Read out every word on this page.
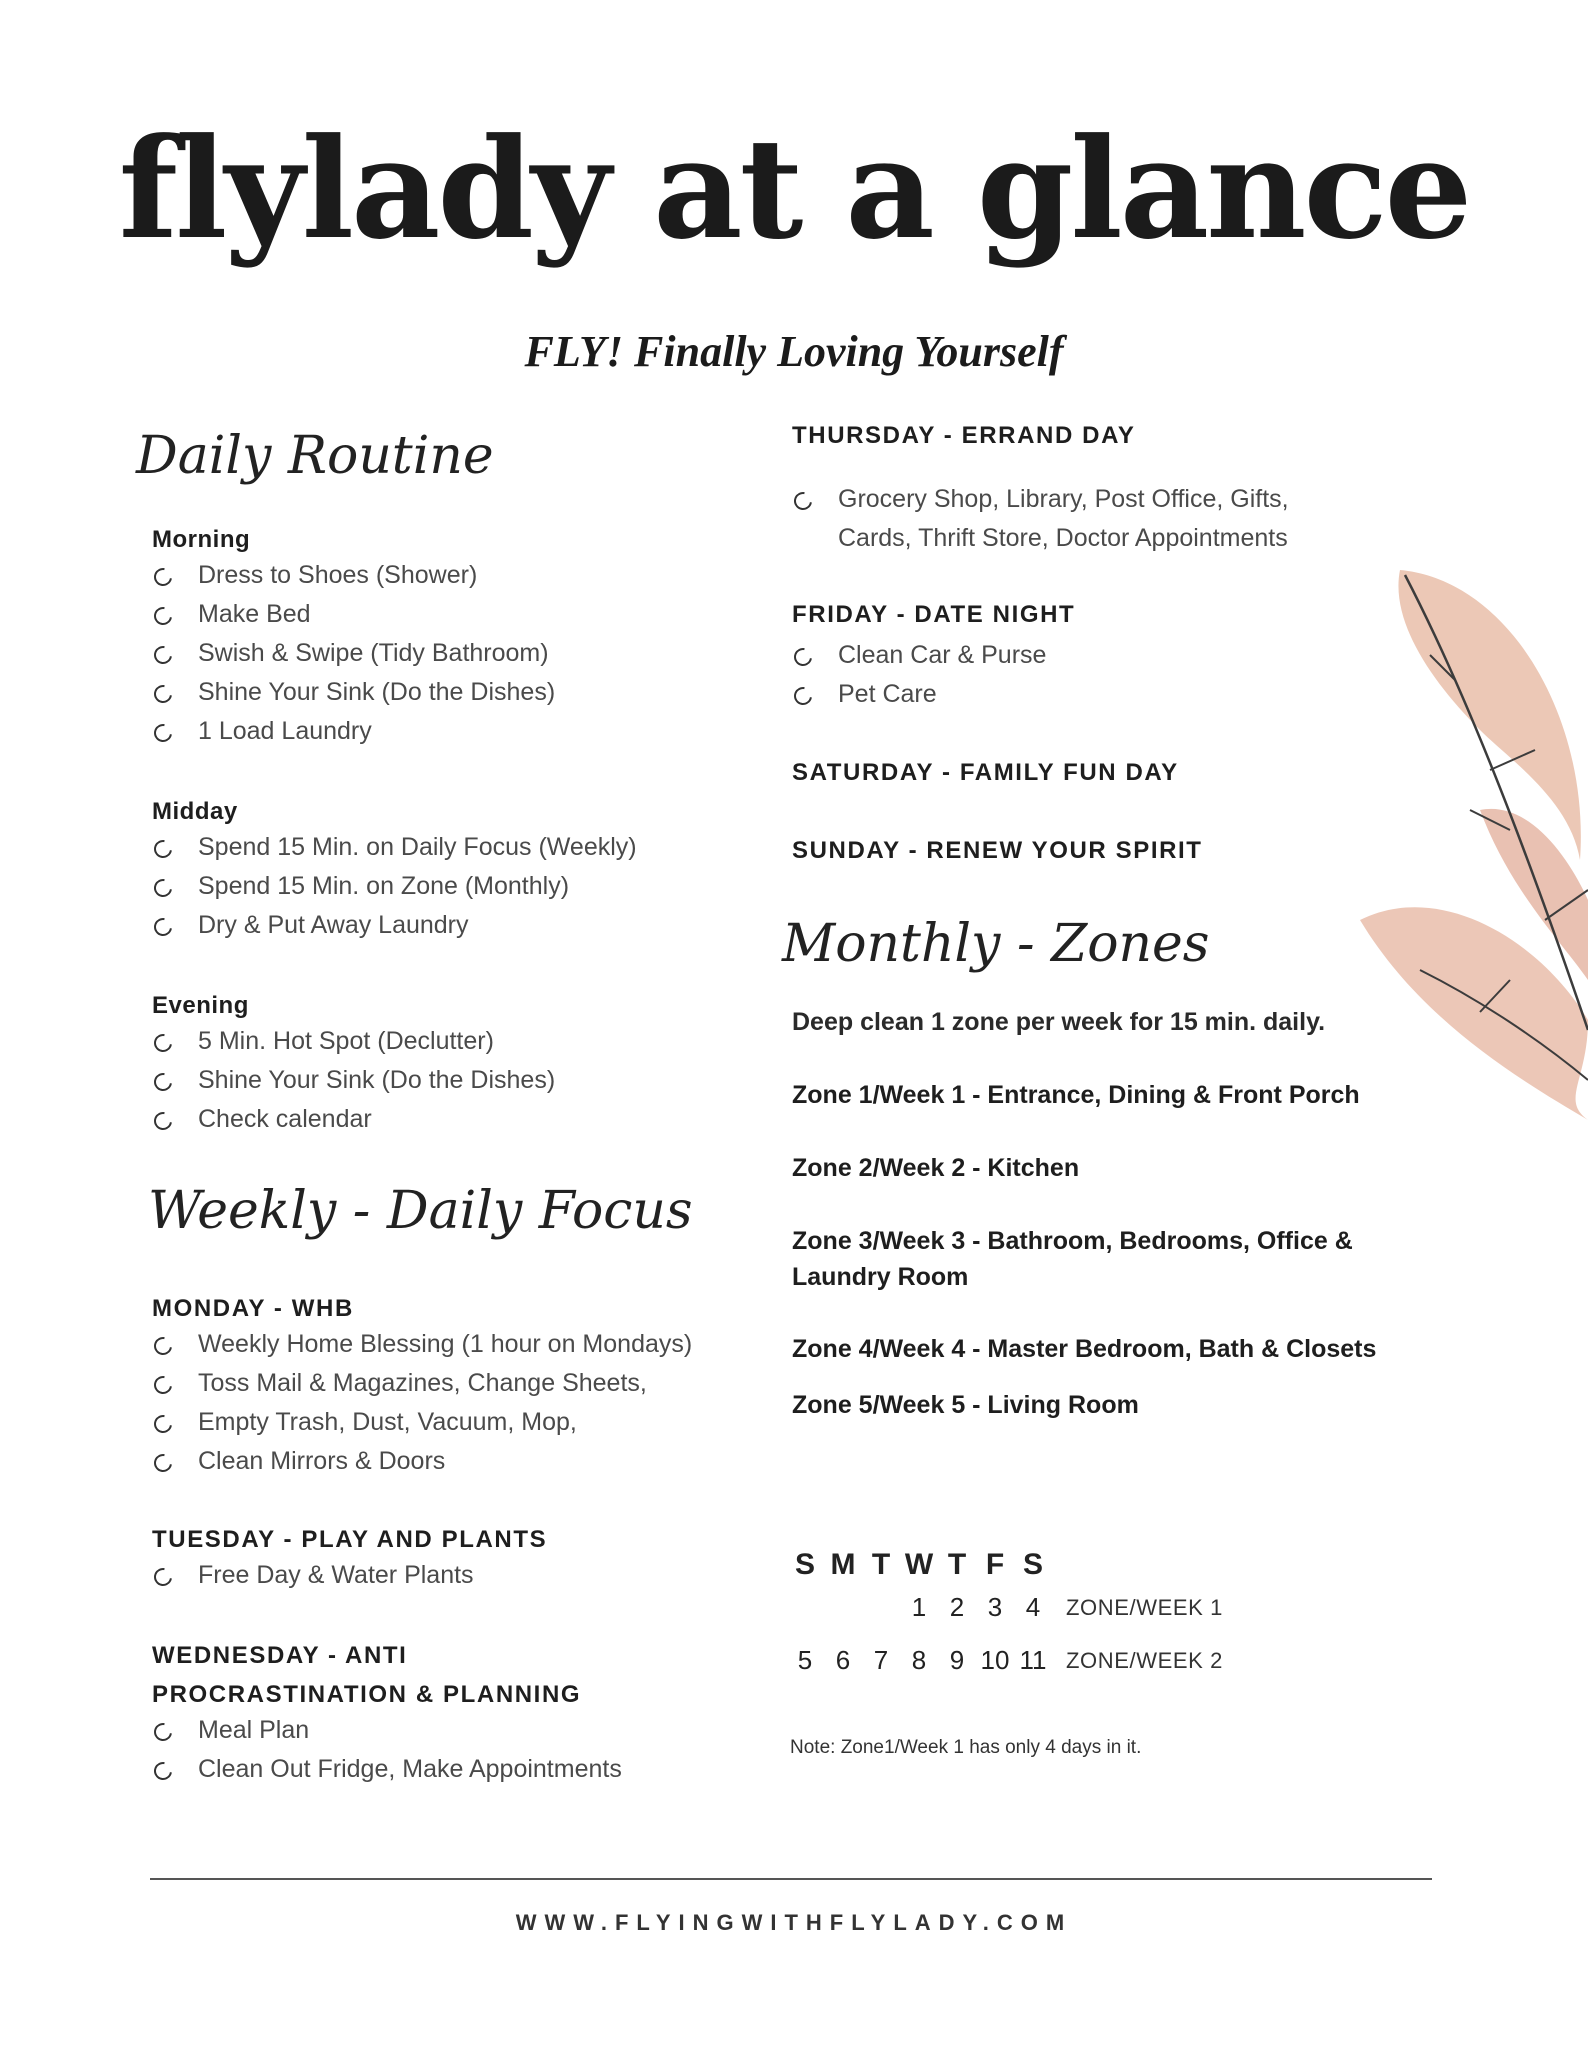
flylady at a glance
FLY! Finally Loving Yourself
Daily Routine
Morning
Dress to Shoes (Shower)
Make Bed
Swish & Swipe (Tidy Bathroom)
Shine Your Sink (Do the Dishes)
1 Load Laundry
Midday
Spend 15 Min. on Daily Focus (Weekly)
Spend 15 Min. on Zone (Monthly)
Dry & Put Away Laundry
Evening
5 Min. Hot Spot (Declutter)
Shine Your Sink (Do the Dishes)
Check calendar
Weekly - Daily Focus
MONDAY - WHB
Weekly Home Blessing (1 hour on Mondays)
Toss Mail & Magazines, Change Sheets,
Empty Trash, Dust, Vacuum, Mop,
Clean Mirrors & Doors
TUESDAY - PLAY AND PLANTS
Free Day & Water Plants
WEDNESDAY - ANTI
PROCRASTINATION & PLANNING
Meal Plan
Clean Out Fridge, Make Appointments
THURSDAY - ERRAND DAY
Grocery Shop, Library, Post Office, Gifts,
Cards, Thrift Store, Doctor Appointments
FRIDAY - DATE NIGHT
Clean Car & Purse
Pet Care
SATURDAY - FAMILY FUN DAY
SUNDAY - RENEW YOUR SPIRIT
Monthly - Zones
Deep clean 1 zone per week for 15 min. daily.
Zone 1/Week 1 - Entrance, Dining & Front Porch
Zone 2/Week 2 - Kitchen
Zone 3/Week 3 - Bathroom, Bedrooms, Office &
Laundry Room
Zone 4/Week 4 - Master Bedroom, Bath & Closets
Zone 5/Week 5 - Living Room
S M T W T F S
1 2 3 4	ZONE/WEEK 1
5 6 7 8 9 10 11 ZONE/WEEK 2
Note: Zone1/Week 1 has only 4 days in it.
WWW.FLYINGWITHFLYLADY.COM
